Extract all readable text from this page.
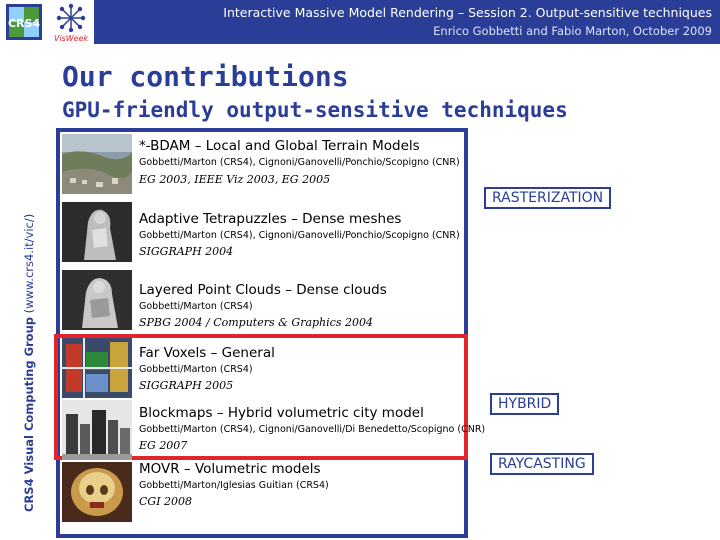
CRS4
VisWeek
Interactive Massive Model Rendering – Session 2. Output-sensitive techniques
Enrico Gobbetti and Fabio Marton, October 2009
CRS4 Visual Computing Group (www.crs4.it/vic/)
Our contributions
GPU-friendly output-sensitive techniques
*-BDAM – Local and Global Terrain Models
Gobbetti/Marton (CRS4), Cignoni/Ganovelli/Ponchio/Scopigno (CNR)
EG 2003, IEEE Viz 2003, EG 2005
Adaptive Tetrapuzzles – Dense meshes
Gobbetti/Marton (CRS4), Cignoni/Ganovelli/Ponchio/Scopigno (CNR)
SIGGRAPH 2004
Layered Point Clouds – Dense clouds
Gobbetti/Marton (CRS4)
SPBG 2004 / Computers & Graphics 2004
Far Voxels – General
Gobbetti/Marton (CRS4)
SIGGRAPH 2005
Blockmaps – Hybrid volumetric city model
Gobbetti/Marton (CRS4), Cignoni/Ganovelli/Di Benedetto/Scopigno (CNR)
EG 2007
MOVR – Volumetric models
Gobbetti/Marton/Iglesias Guitian (CRS4)
CGI 2008
RASTERIZATION
HYBRID
RAYCASTING
